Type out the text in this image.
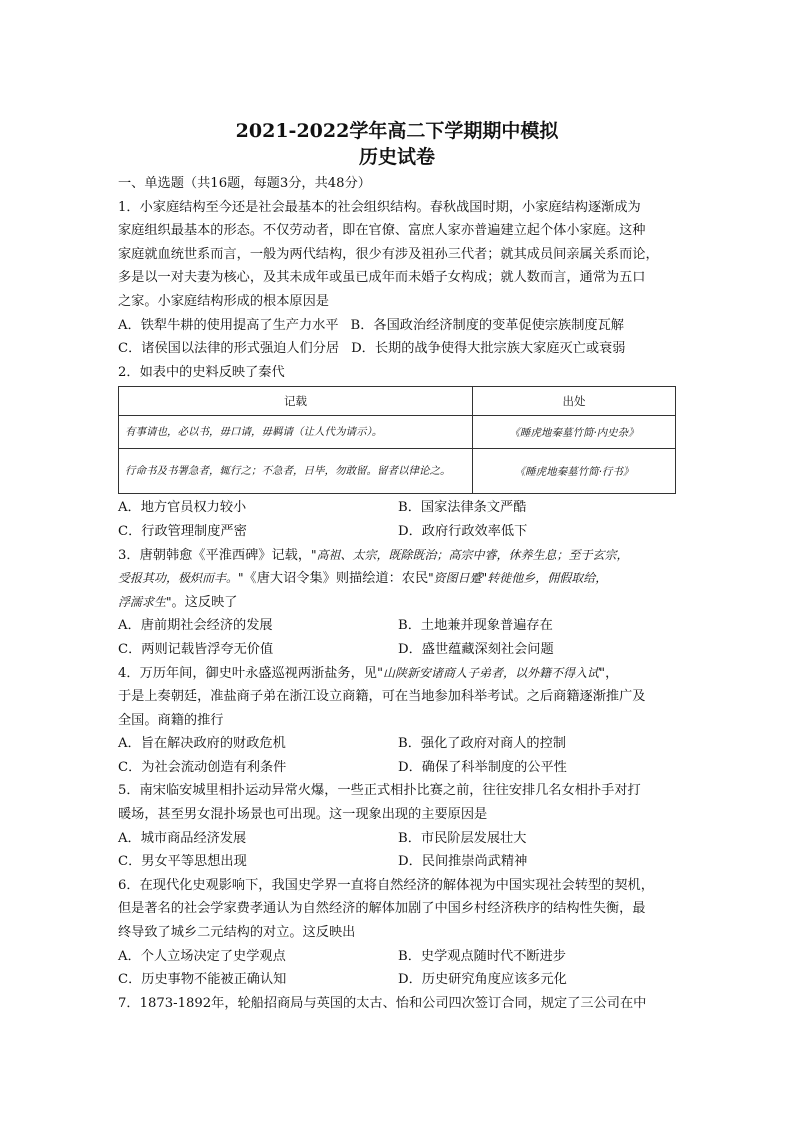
2021-2022学年高二下学期期中模拟
历史试卷
一、单选题（共16题，每题3分，共48分）
1．小家庭结构至今还是社会最基本的社会组织结构。春秋战国时期，小家庭结构逐渐成为
家庭组织最基本的形态。不仅劳动者，即在官僚、富庶人家亦普遍建立起个体小家庭。这种
家庭就血统世系而言，一般为两代结构，很少有涉及祖孙三代者；就其成员间亲属关系而论，
多是以一对夫妻为核心，及其未成年或虽已成年而未婚子女构成；就人数而言，通常为五口
之家。小家庭结构形成的根本原因是
A．铁犁牛耕的使用提高了生产力水平 B．各国政治经济制度的变革促使宗族制度瓦解
C．诸侯国以法律的形式强迫人们分居 D．长期的战争使得大批宗族大家庭灭亡或衰弱
2．如表中的史料反映了秦代
记载	出处
有事请也，必以书，毋口请，毋羁请（让人代为请示）。	《睡虎地秦墓竹简·内史杂》
行命书及书署急者，辄行之；不急者，日毕，勿敢留。留者以律论之。	《睡虎地秦墓竹简·行书》
A．地方官员权力较小	B．国家法律条文严酷
C．行政管理制度严密	D．政府行政效率低下
3．唐朝韩愈《平淮西碑》记载，"高祖、太宗，既除既治；高宗中睿，休养生息；至于玄宗，
受报其功，极炽而丰。"《唐大诏令集》则描绘道：农民"资图日蹙"转徙他乡，佣假取给，
浮濡求生"。这反映了
A．唐前期社会经济的发展	B．土地兼并现象普遍存在
C．两则记载皆浮夸无价值	D．盛世蕴藏深刻社会问题
4．万历年间，御史叶永盛巡视两浙盐务，见"山陕新安诸商人子弟者，以外籍不得入试"，
于是上奏朝廷，准盐商子弟在浙江设立商籍，可在当地参加科举考试。之后商籍逐渐推广及
全国。商籍的推行
A．旨在解决政府的财政危机	B．强化了政府对商人的控制
C．为社会流动创造有利条件	D．确保了科举制度的公平性
5．南宋临安城里相扑运动异常火爆，一些正式相扑比赛之前，往往安排几名女相扑手对打
暖场，甚至男女混扑场景也可出现。这一现象出现的主要原因是
A．城市商品经济发展	B．市民阶层发展壮大
C．男女平等思想出现	D．民间推崇尚武精神
6．在现代化史观影响下，我国史学界一直将自然经济的解体视为中国实现社会转型的契机，
但是著名的社会学家费孝通认为自然经济的解体加剧了中国乡村经济秩序的结构性失衡，最
终导致了城乡二元结构的对立。这反映出
A．个人立场决定了史学观点	B．史学观点随时代不断进步
C．历史事物不能被正确认知	D．历史研究角度应该多元化
7．1873-1892年，轮船招商局与英国的太古、怡和公司四次签订合同，规定了三公司在中
